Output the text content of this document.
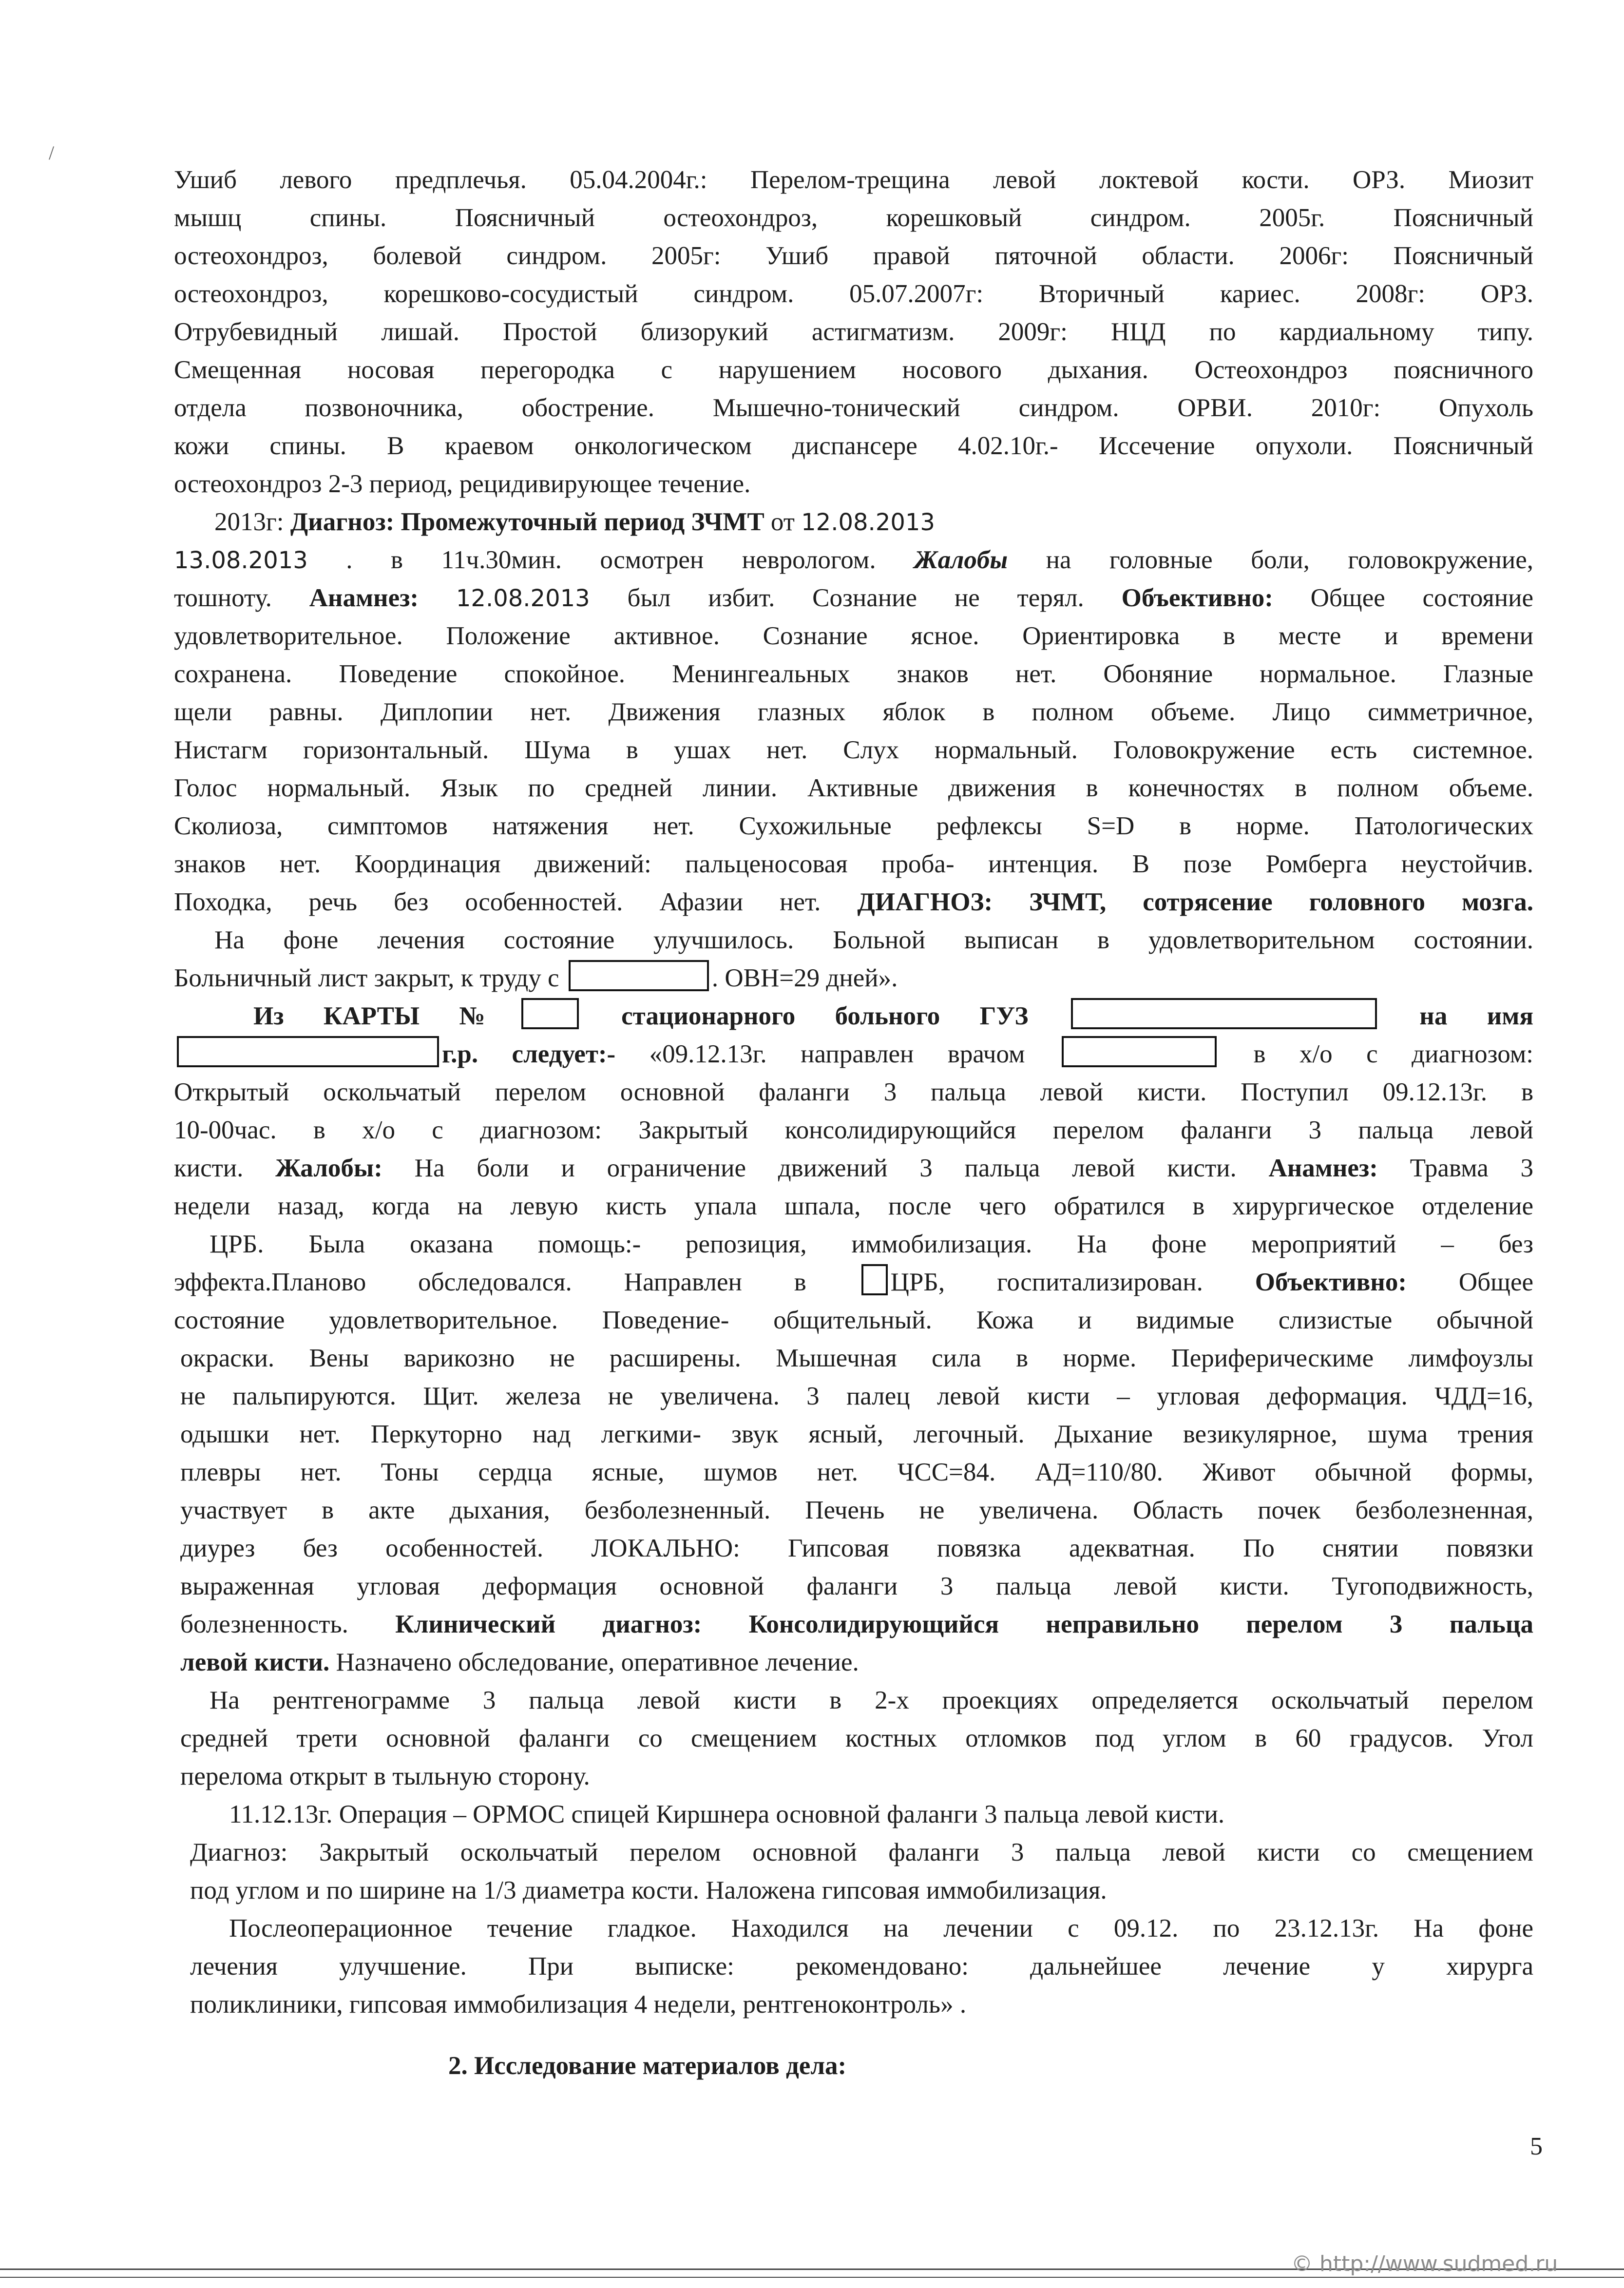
/
Ушиб левого предплечья. 05.04.2004г.: Перелом-трещина левой локтевой кости. ОРЗ. Миозит
мышц спины. Поясничный остеохондроз, корешковый синдром. 2005г. Поясничный
остеохондроз, болевой синдром. 2005г: Ушиб правой пяточной области. 2006г: Поясничный
остеохондроз, корешково-сосудистый синдром. 05.07.2007г: Вторичный кариес. 2008г: ОРЗ.
Отрубевидный лишай. Простой близорукий астигматизм. 2009г: НЦД по кардиальному типу.
Смещенная носовая перегородка с нарушением носового дыхания. Остеохондроз поясничного
отдела позвоночника, обострение. Мышечно-тонический синдром. ОРВИ. 2010г: Опухоль
кожи спины. В краевом онкологическом диспансере 4.02.10г.- Иссечение опухоли. Поясничный
остеохондроз 2-3 период, рецидивирующее течение.
2013г: Диагноз: Промежуточный период ЗЧМТ от 12.08.2013
13.08.2013 . в 11ч.30мин. осмотрен неврологом. Жалобы на головные боли, головокружение,
тошноту. Анамнез: 12.08.2013 был избит. Сознание не терял. Объективно: Общее состояние
удовлетворительное. Положение активное. Сознание ясное. Ориентировка в месте и времени
сохранена. Поведение спокойное. Менингеальных знаков нет. Обоняние нормальное. Глазные
щели равны. Диплопии нет. Движения глазных яблок в полном объеме. Лицо симметричное,
Нистагм горизонтальный. Шума в ушах нет. Слух нормальный. Головокружение есть системное.
Голос нормальный. Язык по средней линии. Активные движения в конечностях в полном объеме.
Сколиоза, симптомов натяжения нет. Сухожильные рефлексы S=D в норме. Патологических
знаков нет. Координация движений: пальценосовая проба- интенция. В позе Ромберга неустойчив.
Походка, речь без особенностей. Афазии нет. ДИАГНОЗ: ЗЧМТ, сотрясение головного мозга.
На фоне лечения состояние улучшилось. Больной выписан в удовлетворительном состоянии.
Больничный лист закрыт, к труду с	. ОВН=29 дней».
Из КАРТЫ № стационарного больного ГУЗ	на имя
г.р. следует:- «09.12.13г. направлен врачом	в х/о с диагнозом:
Открытый оскольчатый перелом основной фаланги 3 пальца левой кисти. Поступил 09.12.13г. в
10-00час. в х/о с диагнозом: Закрытый консолидирующийся перелом фаланги 3 пальца левой
кисти. Жалобы: На боли и ограничение движений 3 пальца левой кисти. Анамнез: Травма 3
недели назад, когда на левую кисть упала шпала, после чего обратился в хирургическое отделение
ЦРБ. Была оказана помощь:- репозиция, иммобилизация. На фоне мероприятий – без
эффекта.Планово обследовался. Направлен в ЦРБ, госпитализирован. Объективно: Общее
состояние удовлетворительное. Поведение- общительный. Кожа и видимые слизистые обычной
окраски. Вены варикозно не расширены. Мышечная сила в норме. Периферическиме лимфоузлы
не пальпируются. Щит. железа не увеличена. 3 палец левой кисти – угловая деформация. ЧДД=16,
одышки нет. Перкуторно над легкими- звук ясный, легочный. Дыхание везикулярное, шума трения
плевры нет. Тоны сердца ясные, шумов нет. ЧСС=84. АД=110/80. Живот обычной формы,
участвует в акте дыхания, безболезненный. Печень не увеличена. Область почек безболезненная,
диурез без особенностей. ЛОКАЛЬНО: Гипсовая повязка адекватная. По снятии повязки
выраженная угловая деформация основной фаланги 3 пальца левой кисти. Тугоподвижность,
болезненность. Клинический диагноз: Консолидирующийся неправильно перелом 3 пальца
левой кисти. Назначено обследование, оперативное лечение.
На рентгенограмме 3 пальца левой кисти в 2-х проекциях определяется оскольчатый перелом
средней трети основной фаланги со смещением костных отломков под углом в 60 градусов. Угол
перелома открыт в тыльную сторону.
11.12.13г. Операция – ОРМОС спицей Киршнера основной фаланги 3 пальца левой кисти.
Диагноз: Закрытый оскольчатый перелом основной фаланги 3 пальца левой кисти со смещением
под углом и по ширине на 1/3 диаметра кости. Наложена гипсовая иммобилизация.
Послеоперационное течение гладкое. Находился на лечении с 09.12. по 23.12.13г. На фоне
лечения улучшение. При выписке: рекомендовано: дальнейшее лечение у хирурга
поликлиники, гипсовая иммобилизация 4 недели, рентгеноконтроль» .
2. Исследование материалов дела:
5
© http://www.sudmed.ru
